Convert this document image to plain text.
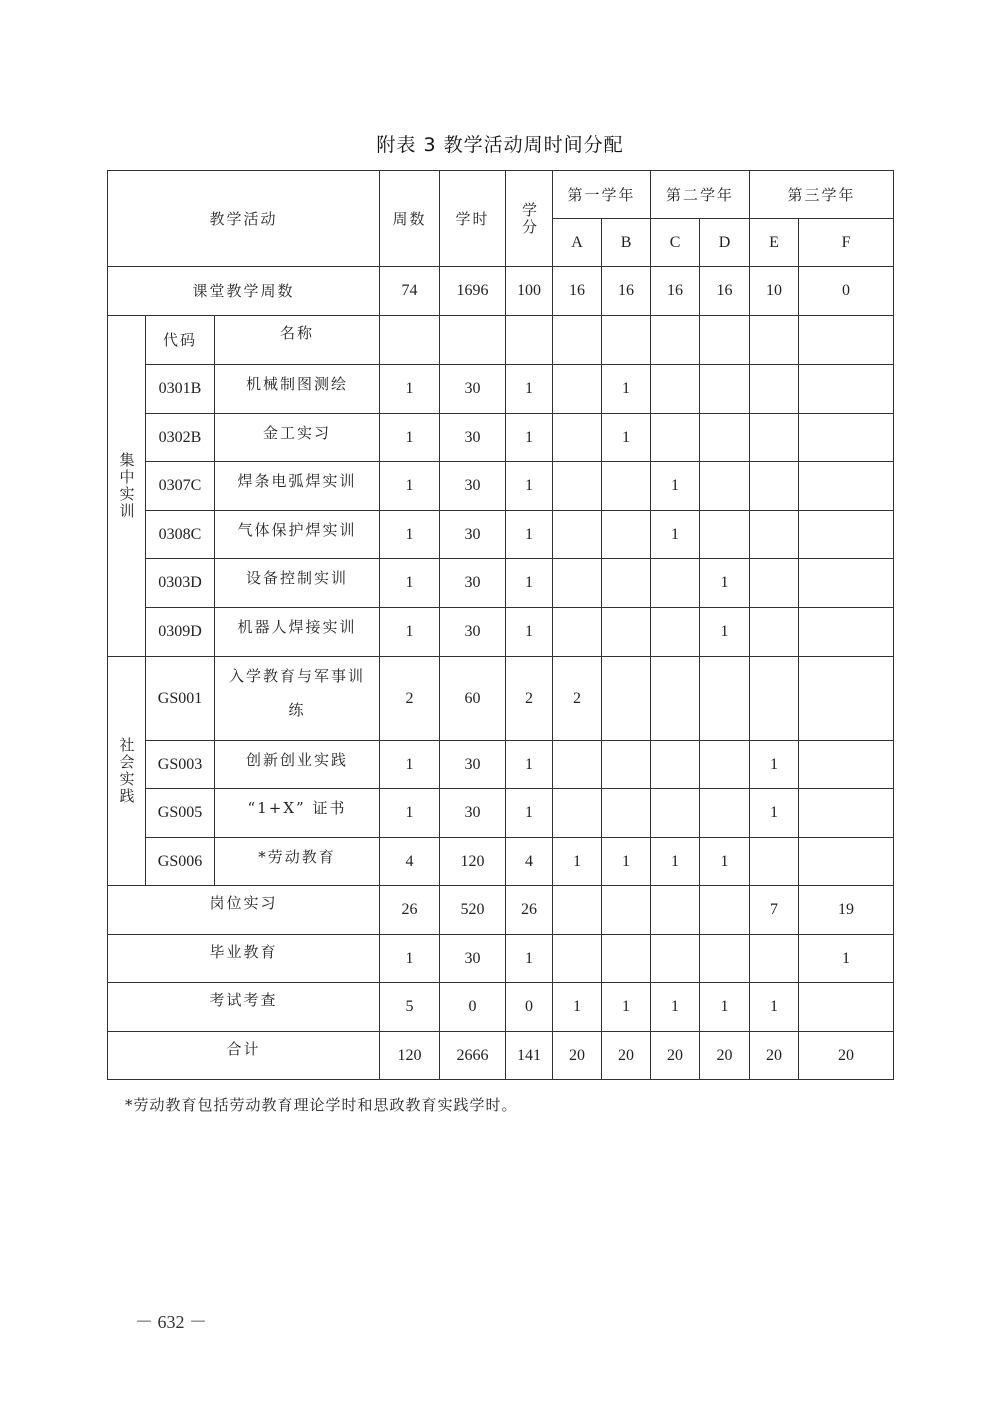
附表 3 教学活动周时间分配
教学活动			周数	学时	学分	第一学年		第二学年		第三学年	
						A	B	C	D	E	F
课堂教学周数			74	1696	100	16	16	16	16	10	0
集中实训	代码	名称									
	0301B	机械制图测绘	1	30	1		1				
	0302B	金工实习	1	30	1		1				
	0307C	焊条电弧焊实训	1	30	1			1			
	0308C	气体保护焊实训	1	30	1			1			
	0303D	设备控制实训	1	30	1				1		
	0309D	机器人焊接实训	1	30	1				1		
社会实践	GS001	入学教育与军事训练	2	60	2	2					
	GS003	创新创业实践	1	30	1					1	
	GS005	“1+X” 证书	1	30	1					1	
	GS006	*劳动教育	4	120	4	1	1	1	1		
岗位实习			26	520	26					7	19
毕业教育			1	30	1						1
考试考查			5	0	0	1	1	1	1	1	
合计			120	2666	141	20	20	20	20	20	20
*劳动教育包括劳动教育理论学时和思政教育实践学时。
－ 632 －
